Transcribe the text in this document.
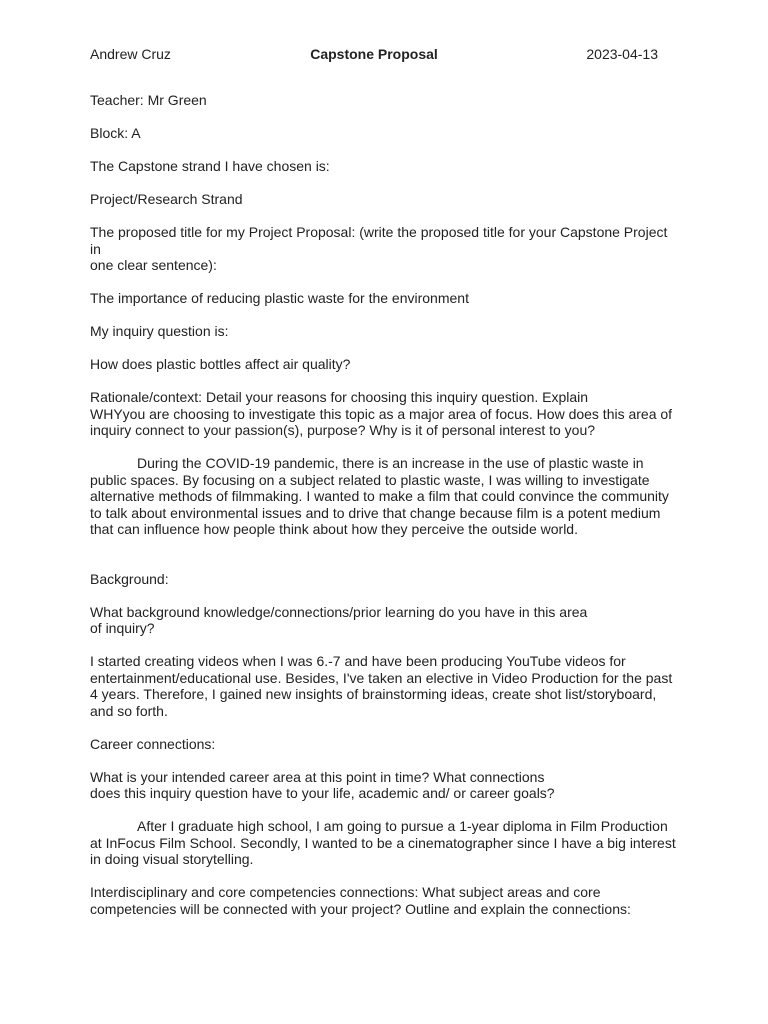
Andrew Cruz	Capstone Proposal	2023-04-13

Teacher: Mr Green

Block: A

The Capstone strand I have chosen is:

Project/Research Strand

The proposed title for my Project Proposal: (write the proposed title for your Capstone Project in
one clear sentence):

The importance of reducing plastic waste for the environment

My inquiry question is:

How does plastic bottles affect air quality?

Rationale/context: Detail your reasons for choosing this inquiry question. Explain
WHYyou are choosing to investigate this topic as a major area of focus. How does this area of
inquiry connect to your passion(s), purpose? Why is it of personal interest to you?

During the COVID-19 pandemic, there is an increase in the use of plastic waste in public spaces. By focusing on a subject related to plastic waste, I was willing to investigate alternative methods of filmmaking. I wanted to make a film that could convince the community to talk about environmental issues and to drive that change because film is a potent medium that can influence how people think about how they perceive the outside world.

Background:

What background knowledge/connections/prior learning do you have in this area
of inquiry?

I started creating videos when I was 6.-7 and have been producing YouTube videos for entertainment/educational use. Besides, I've taken an elective in Video Production for the past 4 years. Therefore, I gained new insights of brainstorming ideas, create shot list/storyboard, and so forth.

Career connections:

What is your intended career area at this point in time? What connections
does this inquiry question have to your life, academic and/ or career goals?

After I graduate high school, I am going to pursue a 1-year diploma in Film Production at InFocus Film School. Secondly, I wanted to be a cinematographer since I have a big interest in doing visual storytelling.

Interdisciplinary and core competencies connections: What subject areas and core
competencies will be connected with your project? Outline and explain the connections:
